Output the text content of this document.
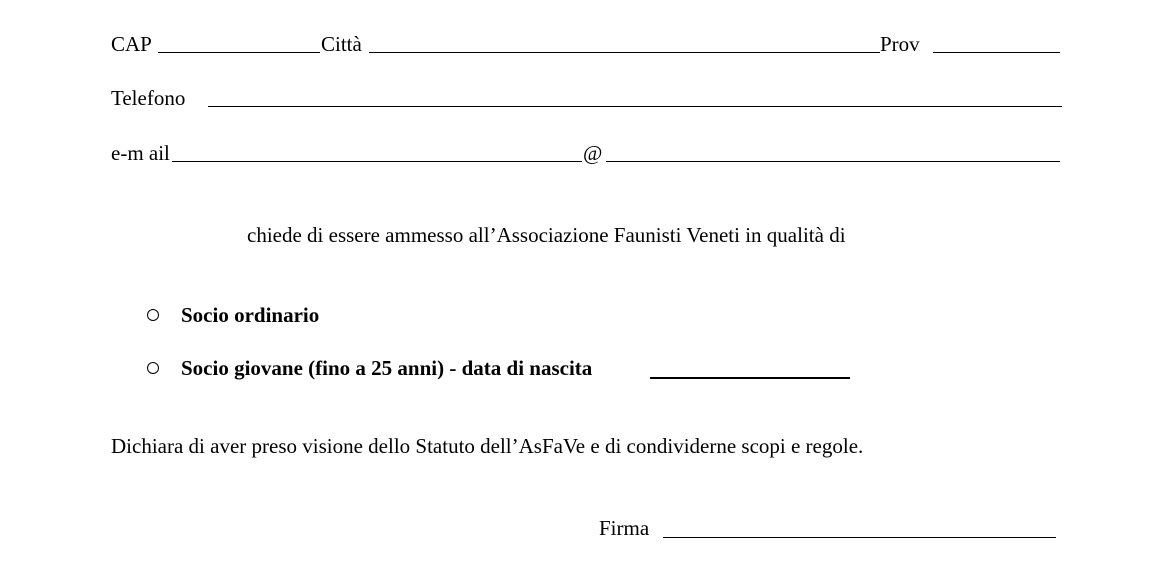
CAP	Città	Prov
Telefono
e-m ail	@
chiede di essere ammesso all’Associazione Faunisti Veneti in qualità di
Socio ordinario
Socio giovane (fino a 25 anni) - data di nascita
Dichiara di aver preso visione dello Statuto dell’AsFaVe e di condividerne scopi e regole.
Firma
